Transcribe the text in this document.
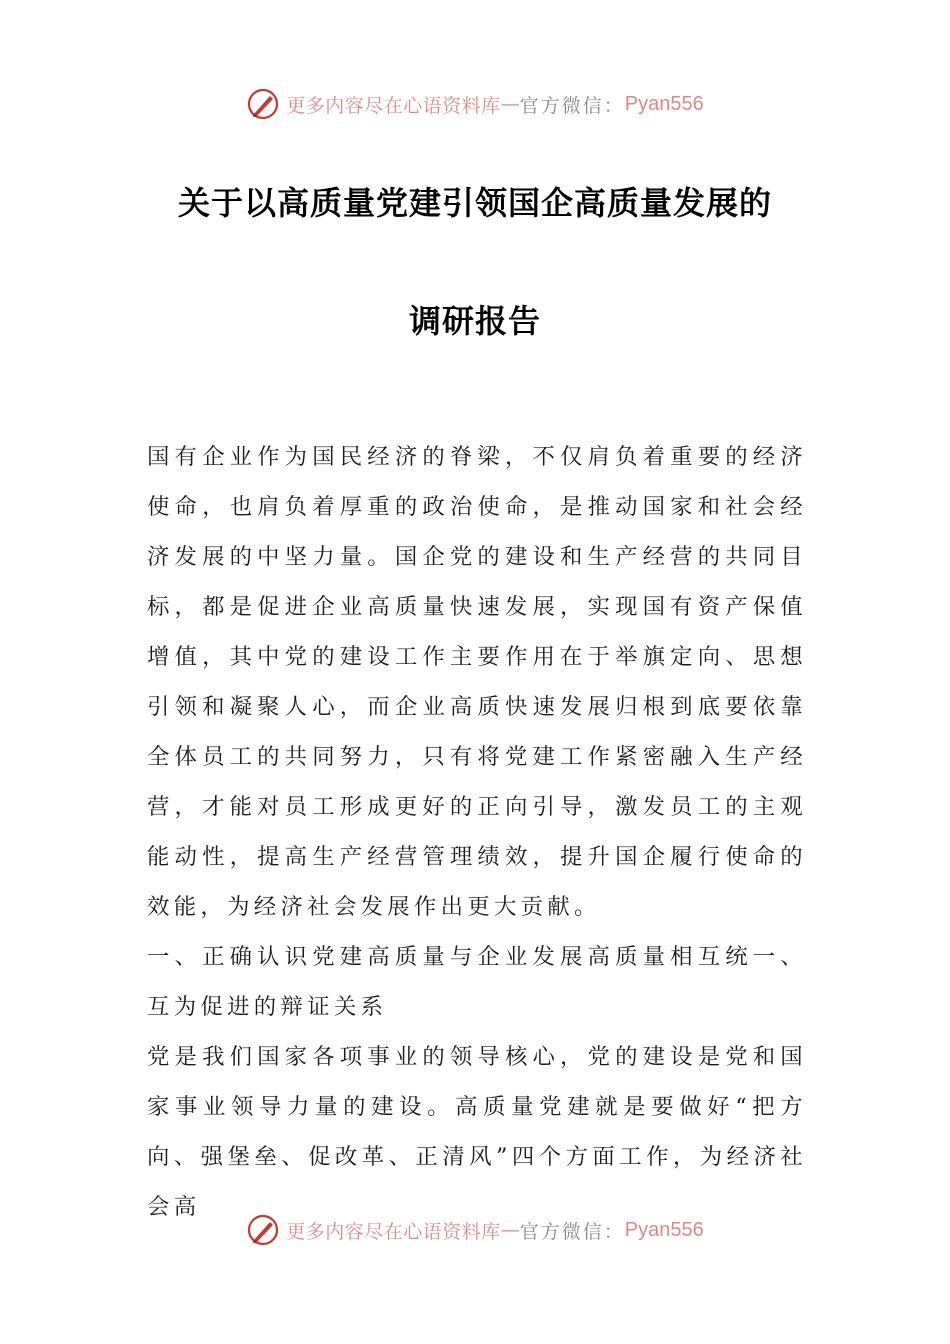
更多内容尽在心语资料库 — 官方微信： Pyan556
关于以高质量党建引领国企高质量发展的
调研报告

国有企业作为国民经济的脊梁，不仅肩负着重要的经济使命，也肩负着厚重的政治使命，是推动国家和社会经济发展的中坚力量。国企党的建设和生产经营的共同目标，都是促进企业高质量快速发展，实现国有资产保值增值，其中党的建设工作主要作用在于举旗定向、思想引领和凝聚人心，而企业高质快速发展归根到底要依靠全体员工的共同努力，只有将党建工作紧密融入生产经营，才能对员工形成更好的正向引导，激发员工的主观能动性，提高生产经营管理绩效，提升国企履行使命的效能，为经济社会发展作出更大贡献。

一、正确认识党建高质量与企业发展高质量相互统一、互为促进的辩证关系

党是我们国家各项事业的领导核心，党的建设是党和国家事业领导力量的建设。高质量党建就是要做好“把方向、强堡垒、促改革、正清风”四个方面工作，为经济社会高

更多内容尽在心语资料库 — 官方微信： Pyan556
